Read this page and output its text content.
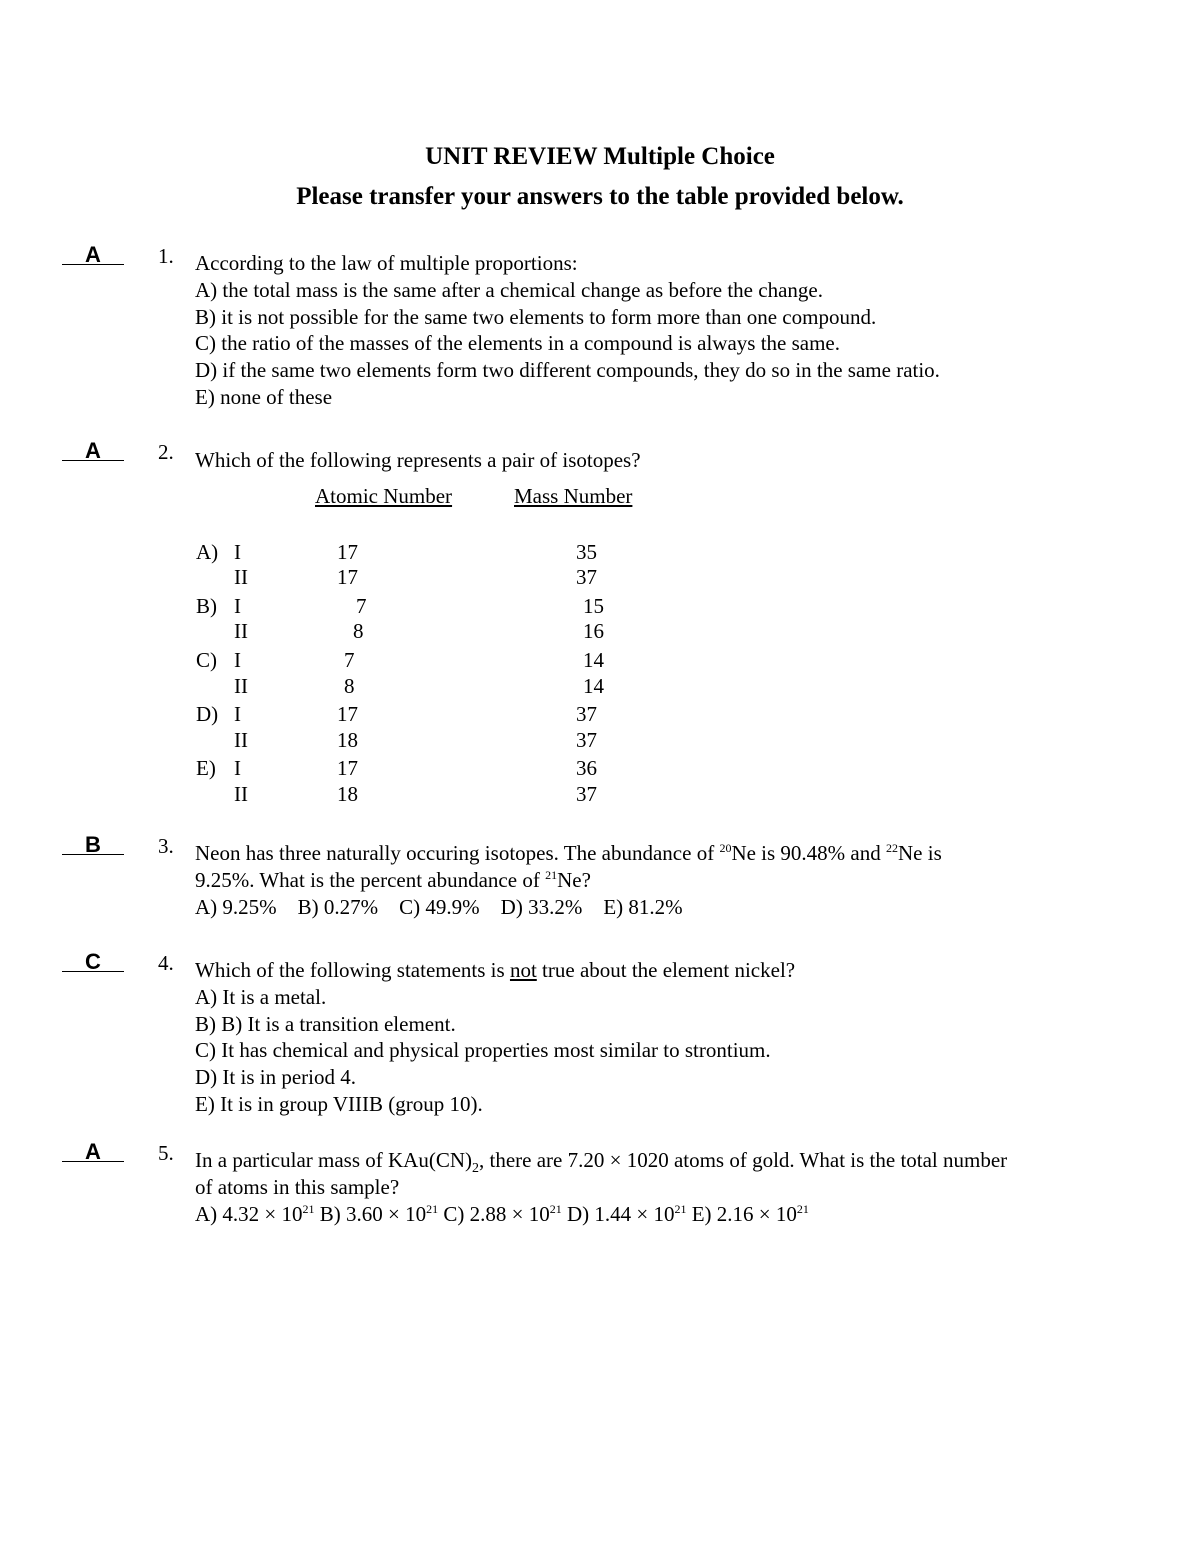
UNIT REVIEW Multiple Choice
Please transfer your answers to the table provided below.
A	1. According to the law of multiple proportions:
A) the total mass is the same after a chemical change as before the change.
B) it is not possible for the same two elements to form more than one compound.
C) the ratio of the masses of the elements in a compound is always the same.
D) if the same two elements form two different compounds, they do so in the same ratio.
E) none of these
A	2. Which of the following represents a pair of isotopes?
Atomic Number	Mass Number
A) I	17	35
II	17	37
B) I	7	15
II	8	16
C) I	7	14
II	8	14
D) I	17	37
II	18	37
E) I	17	36
II	18	37
B	3. Neon has three naturally occuring isotopes. The abundance of $^{20}$Ne is 90.48% and $^{22}$Ne is
9.25%. What is the percent abundance of $^{21}$Ne?
A) 9.25% B) 0.27% C) 49.9% D) 33.2% E) 81.2%
C	4. Which of the following statements is not true about the element nickel?
A) It is a metal.
B) B) It is a transition element.
C) It has chemical and physical properties most similar to strontium.
D) It is in period 4.
E) It is in group VIIIB (group 10).
A	5. In a particular mass of $KAu(CN)_2$, there are 7.20 × 1020 atoms of gold. What is the total number
of atoms in this sample?
A) $4.32 \times 10^{21}$ B) $3.60 \times 10^{21}$ C) $2.88 \times 10^{21}$ D) $1.44 \times 10^{21}$ E) $2.16 \times 10^{21}$
